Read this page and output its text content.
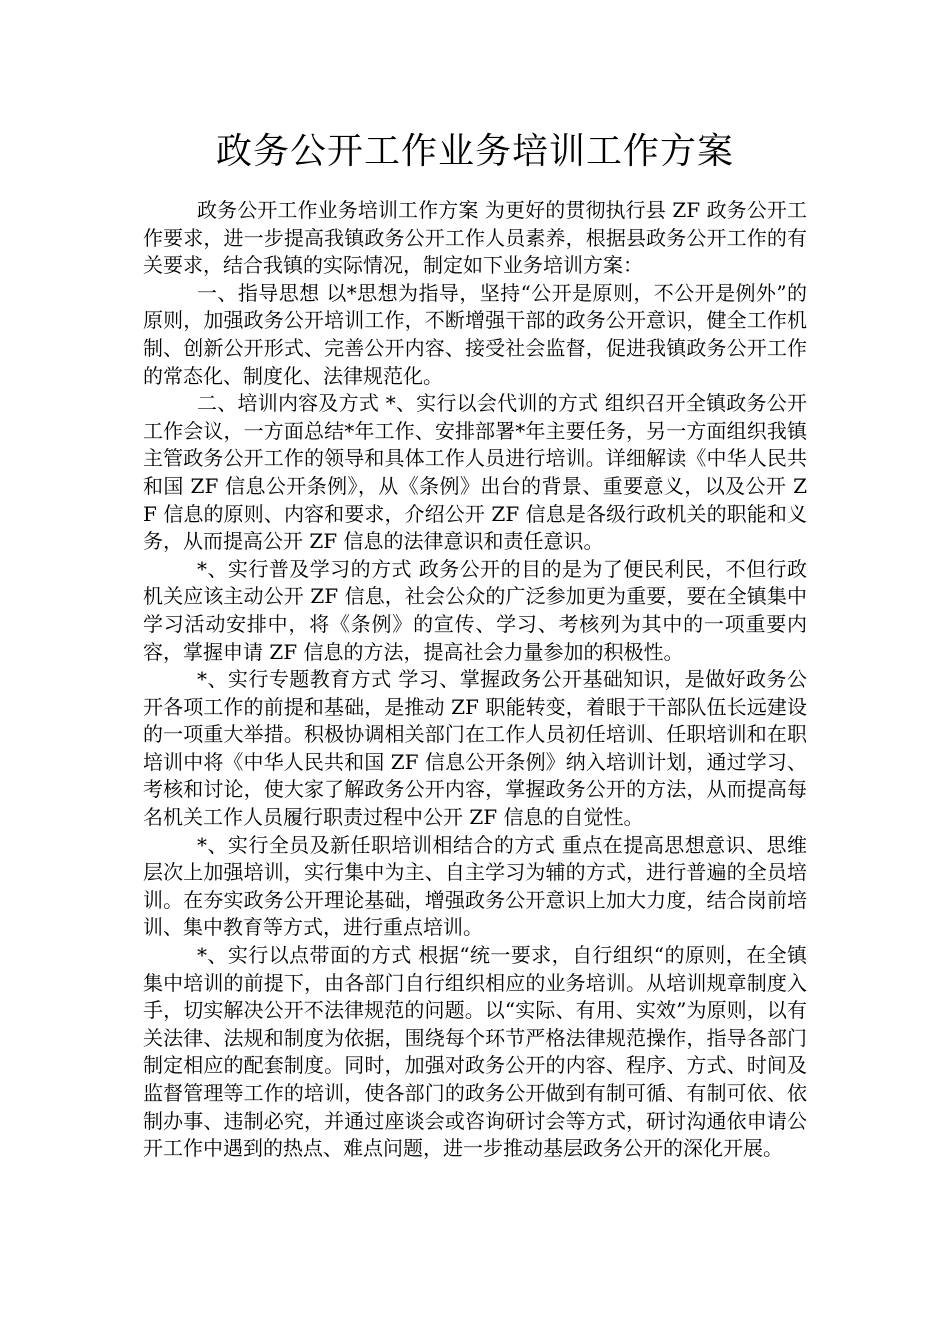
政务公开工作业务培训工作方案

政务公开工作业务培训工作方案 为更好的贯彻执行县 ZF 政务公开工作要求，进一步提高我镇政务公开工作人员素养，根据县政务公开工作的有关要求，结合我镇的实际情况，制定如下业务培训方案：

一、指导思想 以*思想为指导，坚持“公开是原则，不公开是例外”的原则，加强政务公开培训工作，不断增强干部的政务公开意识，健全工作机制、创新公开形式、完善公开内容、接受社会监督，促进我镇政务公开工作的常态化、制度化、法律规范化。

二、培训内容及方式 *、实行以会代训的方式 组织召开全镇政务公开工作会议，一方面总结*年工作、安排部署*年主要任务，另一方面组织我镇主管政务公开工作的领导和具体工作人员进行培训。详细解读《中华人民共和国 ZF 信息公开条例》，从《条例》出台的背景、重要意义，以及公开 ZF 信息的原则、内容和要求，介绍公开 ZF 信息是各级行政机关的职能和义务，从而提高公开 ZF 信息的法律意识和责任意识。

*、实行普及学习的方式 政务公开的目的是为了便民利民，不但行政机关应该主动公开 ZF 信息，社会公众的广泛参加更为重要，要在全镇集中学习活动安排中，将《条例》的宣传、学习、考核列为其中的一项重要内容，掌握申请 ZF 信息的方法，提高社会力量参加的积极性。

*、实行专题教育方式 学习、掌握政务公开基础知识，是做好政务公开各项工作的前提和基础，是推动 ZF 职能转变，着眼于干部队伍长远建设的一项重大举措。积极协调相关部门在工作人员初任培训、任职培训和在职培训中将《中华人民共和国 ZF 信息公开条例》纳入培训计划，通过学习、考核和讨论，使大家了解政务公开内容，掌握政务公开的方法，从而提高每名机关工作人员履行职责过程中公开 ZF 信息的自觉性。

*、实行全员及新任职培训相结合的方式 重点在提高思想意识、思维层次上加强培训，实行集中为主、自主学习为辅的方式，进行普遍的全员培训。在夯实政务公开理论基础，增强政务公开意识上加大力度，结合岗前培训、集中教育等方式，进行重点培训。

*、实行以点带面的方式 根据“统一要求，自行组织“的原则，在全镇集中培训的前提下，由各部门自行组织相应的业务培训。从培训规章制度入手，切实解决公开不法律规范的问题。以“实际、有用、实效”为原则，以有关法律、法规和制度为依据，围绕每个环节严格法律规范操作，指导各部门制定相应的配套制度。同时，加强对政务公开的内容、程序、方式、时间及监督管理等工作的培训，使各部门的政务公开做到有制可循、有制可依、依制办事、违制必究，并通过座谈会或咨询研讨会等方式，研讨沟通依申请公开工作中遇到的热点、难点问题，进一步推动基层政务公开的深化开展。
